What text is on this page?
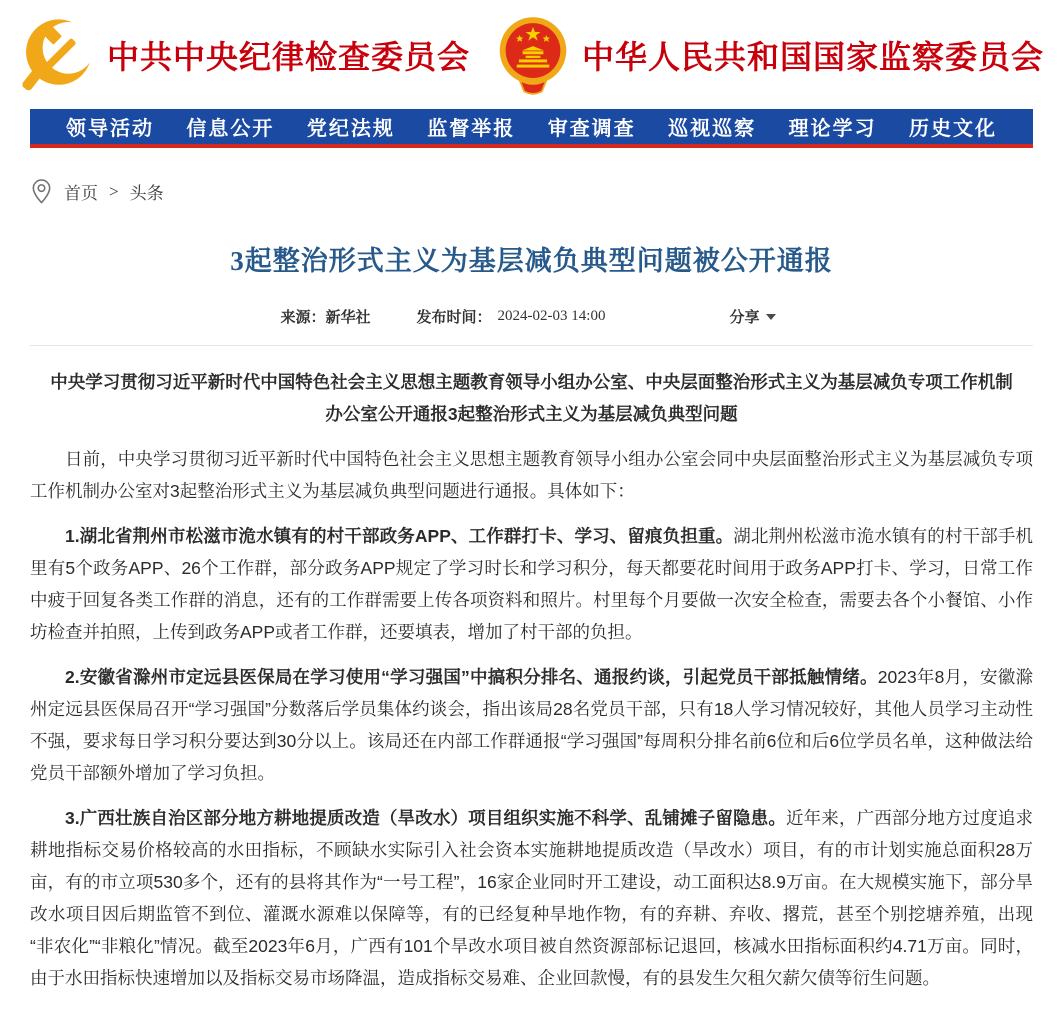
中共中央纪律检查委员会	中华人民共和国国家监察委员会
领导活动 信息公开 党纪法规 监督举报 审查调查 巡视巡察 理论学习 历史文化
首页 > 头条
3起整治形式主义为基层减负典型问题被公开通报
来源： 新华社	发布时间： 2024-02-03 14:00	分享

中央学习贯彻习近平新时代中国特色社会主义思想主题教育领导小组办公室、中央层面整治形式主义为基层减负专项工作机制办公室公开通报3起整治形式主义为基层减负典型问题

日前，中央学习贯彻习近平新时代中国特色社会主义思想主题教育领导小组办公室会同中央层面整治形式主义为基层减负专项工作机制办公室对3起整治形式主义为基层减负典型问题进行通报。具体如下：

1.湖北省荆州市松滋市洈水镇有的村干部政务APP、工作群打卡、学习、留痕负担重。湖北荆州松滋市洈水镇有的村干部手机里有5个政务APP、26个工作群，部分政务APP规定了学习时长和学习积分，每天都要花时间用于政务APP打卡、学习，日常工作中疲于回复各类工作群的消息，还有的工作群需要上传各项资料和照片。村里每个月要做一次安全检查，需要去各个小餐馆、小作坊检查并拍照，上传到政务APP或者工作群，还要填表，增加了村干部的负担。

2.安徽省滁州市定远县医保局在学习使用“学习强国”中搞积分排名、通报约谈，引起党员干部抵触情绪。2023年8月，安徽滁州定远县医保局召开“学习强国”分数落后学员集体约谈会，指出该局28名党员干部，只有18人学习情况较好，其他人员学习主动性不强，要求每日学习积分要达到30分以上。该局还在内部工作群通报“学习强国”每周积分排名前6位和后6位学员名单，这种做法给党员干部额外增加了学习负担。

3.广西壮族自治区部分地方耕地提质改造（旱改水）项目组织实施不科学、乱铺摊子留隐患。近年来，广西部分地方过度追求耕地指标交易价格较高的水田指标，不顾缺水实际引入社会资本实施耕地提质改造（旱改水）项目，有的市计划实施总面积28万亩，有的市立项530多个，还有的县将其作为“一号工程”，16家企业同时开工建设，动工面积达8.9万亩。在大规模实施下，部分旱改水项目因后期监管不到位、灌溉水源难以保障等，有的已经复种旱地作物，有的弃耕、弃收、撂荒，甚至个别挖塘养殖，出现“非农化”“非粮化”情况。截至2023年6月，广西有101个旱改水项目被自然资源部标记退回，核减水田指标面积约4.71万亩。同时，由于水田指标快速增加以及指标交易市场降温，造成指标交易难、企业回款慢，有的县发生欠租欠薪欠债等衍生问题。
